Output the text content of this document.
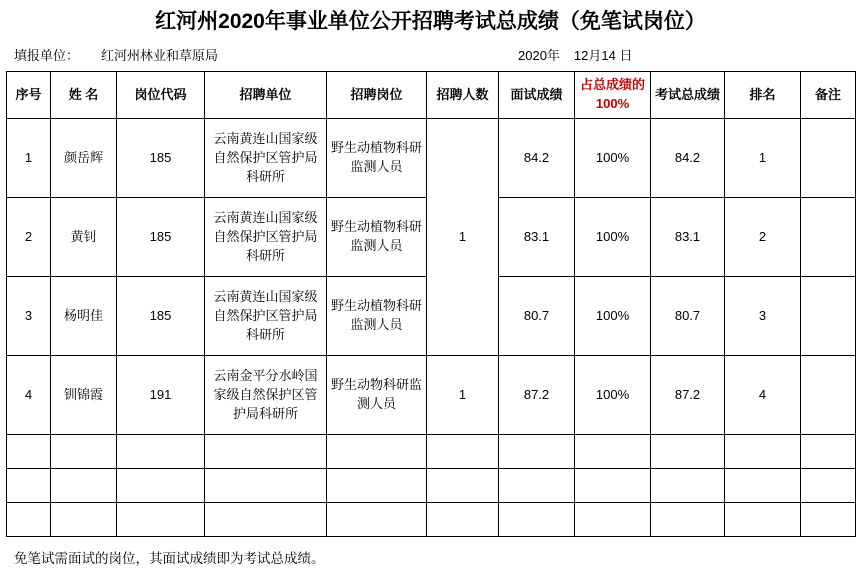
红河州2020年事业单位公开招聘考试总成绩（免笔试岗位）
填报单位： 红河州林业和草原局	2020年 12月14 日
序号	姓 名	岗位代码	招聘单位	招聘岗位	招聘人数	面试成绩	占总成绩的100%	考试总成绩	排名	备注
1	颜岳辉	185	云南黄连山国家级自然保护区管护局科研所	野生动植物科研监测人员	1	84.2	100%	84.2	1	
2	黄钊	185	云南黄连山国家级自然保护区管护局科研所	野生动植物科研监测人员		83.1	100%	83.1	2	
3	杨明佳	185	云南黄连山国家级自然保护区管护局科研所	野生动植物科研监测人员		80.7	100%	80.7	3	
4	钏锦霞	191	云南金平分水岭国家级自然保护区管护局科研所	野生动物科研监测人员	1	87.2	100%	87.2	4	

免笔试需面试的岗位，其面试成绩即为考试总成绩。
